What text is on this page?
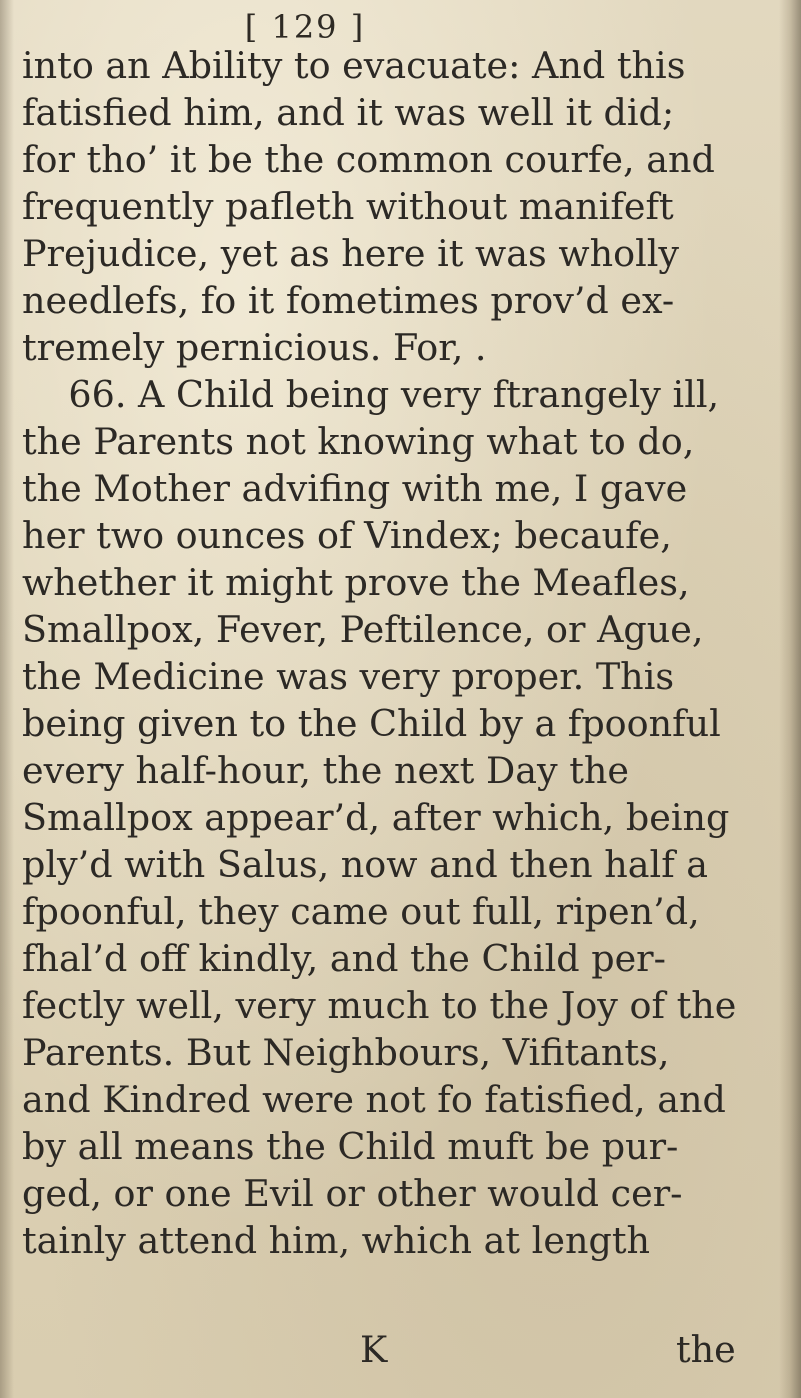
[ 129 ]
into an Ability to evacuate: And this
fatisfied him, and it was well it did;
for tho’ it be the common courfe, and
frequently pafleth without manifeft
Prejudice, yet as here it was wholly
needlefs, fo it fometimes prov’d ex-
tremely pernicious. For, .
66. A Child being very ftrangely ill,
the Parents not knowing what to do,
the Mother advifing with me, I gave
her two ounces of Vindex; becaufe,
whether it might prove the Meafles,
Smallpox, Fever, Peftilence, or Ague,
the Medicine was very proper. This
being given to the Child by a fpoonful
every half-hour, the next Day the
Smallpox appear’d, after which, being
ply’d with Salus, now and then half a
fpoonful, they came out full, ripen’d,
fhal’d off kindly, and the Child per-
fectly well, very much to the Joy of the
Parents. But Neighbours, Vifitants,
and Kindred were not fo fatisfied, and
by all means the Child muft be pur-
ged, or one Evil or other would cer-
tainly attend him, which at length
K	the
